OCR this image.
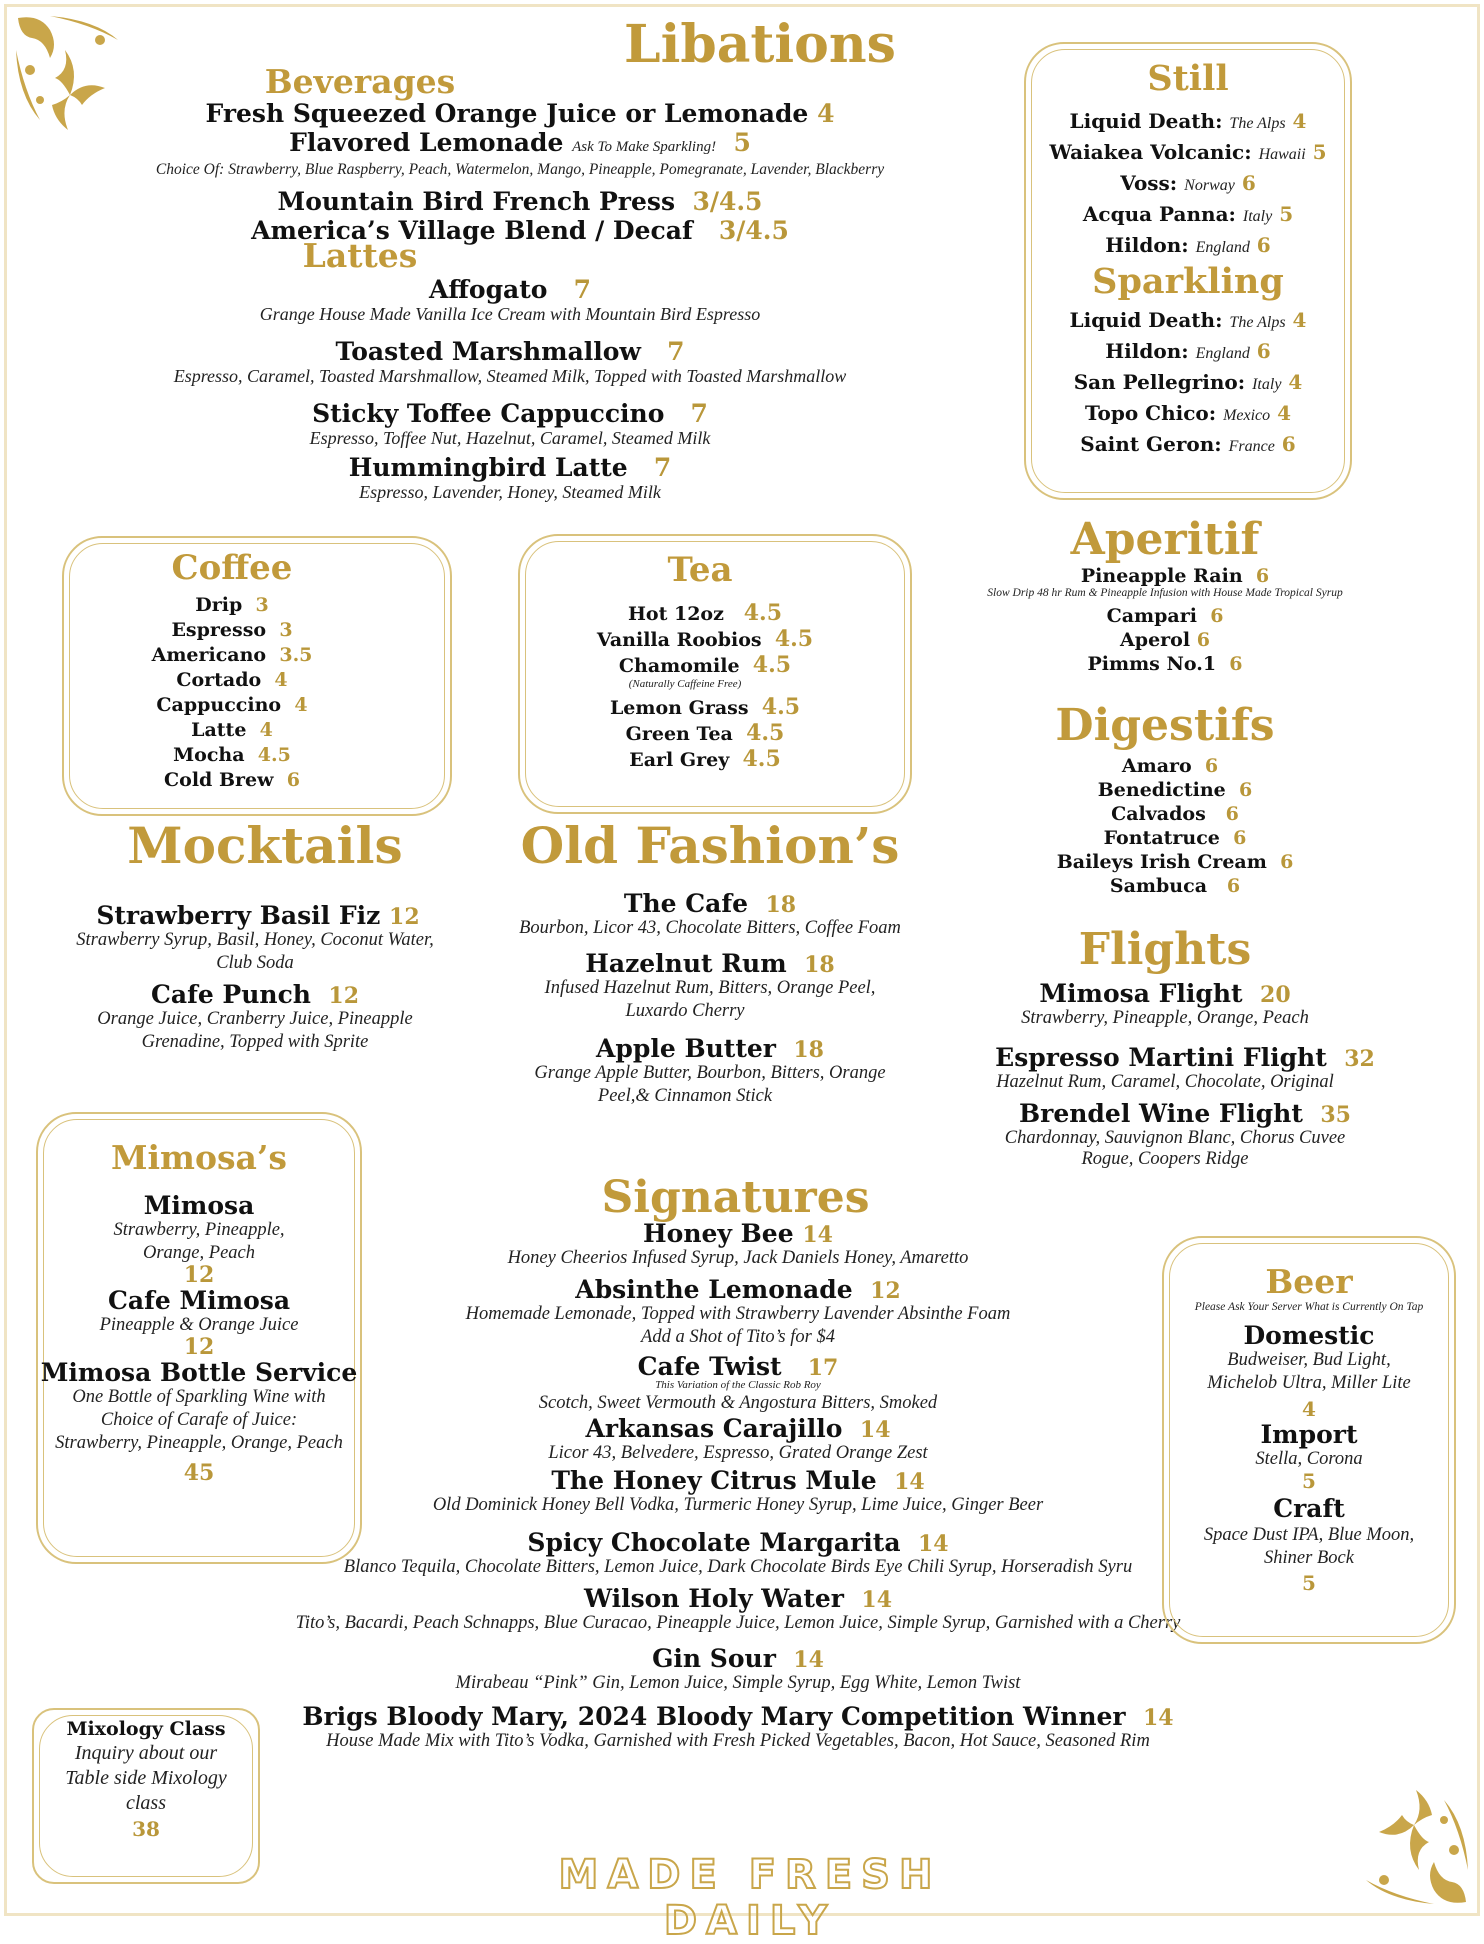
Libations
Beverages
Fresh Squeezed Orange Juice or Lemonade 4
Flavored Lemonade Ask To Make Sparkling! 5
Choice Of: Strawberry, Blue Raspberry, Peach, Watermelon, Mango, Pineapple, Pomegranate, Lavender, Blackberry
Mountain Bird French Press 3/4.5
America’s Village Blend / Decaf 3/4.5
Lattes
Affogato 7
Grange House Made Vanilla Ice Cream with Mountain Bird Espresso
Toasted Marshmallow 7
Espresso, Caramel, Toasted Marshmallow, Steamed Milk, Topped with Toasted Marshmallow
Sticky Toffee Cappuccino 7
Espresso, Toffee Nut, Hazelnut, Caramel, Steamed Milk
Hummingbird Latte 7
Espresso, Lavender, Honey, Steamed Milk
Still
Liquid Death: The Alps 4
Waiakea Volcanic: Hawaii 5
Voss: Norway 6
Acqua Panna: Italy 5
Hildon: England 6
Sparkling
Liquid Death: The Alps 4
Hildon: England 6
San Pellegrino: Italy 4
Topo Chico: Mexico 4
Saint Geron: France 6
Coffee
Drip 3
Espresso 3
Americano 3.5
Cortado 4
Cappuccino 4
Latte 4
Mocha 4.5
Cold Brew 6
Tea
Hot 12oz 4.5
Vanilla Roobios 4.5
Chamomile 4.5
(Naturally Caffeine Free)
Lemon Grass 4.5
Green Tea 4.5
Earl Grey 4.5
Aperitif
Pineapple Rain 6
Slow Drip 48 hr Rum & Pineapple Infusion with House Made Tropical Syrup
Campari 6
Aperol 6
Pimms No.1 6
Digestifs
Amaro 6
Benedictine 6
Calvados 6
Fontatruce 6
Baileys Irish Cream 6
Sambuca 6
Flights
Mimosa Flight 20
Strawberry, Pineapple, Orange, Peach
Espresso Martini Flight 32
Hazelnut Rum, Caramel, Chocolate, Original
Brendel Wine Flight 35
Chardonnay, Sauvignon Blanc, Chorus Cuvee
Rogue, Coopers Ridge
Mocktails
Strawberry Basil Fiz 12
Strawberry Syrup, Basil, Honey, Coconut Water,
Club Soda
Cafe Punch 12
Orange Juice, Cranberry Juice, Pineapple
Grenadine, Topped with Sprite
Old Fashion’s
The Cafe 18
Bourbon, Licor 43, Chocolate Bitters, Coffee Foam
Hazelnut Rum 18
Infused Hazelnut Rum, Bitters, Orange Peel,
Luxardo Cherry
Apple Butter 18
Grange Apple Butter, Bourbon, Bitters, Orange
Peel,& Cinnamon Stick
Mimosa’s
Mimosa
Strawberry, Pineapple,
Orange, Peach
12
Cafe Mimosa
Pineapple & Orange Juice
12
Mimosa Bottle Service
One Bottle of Sparkling Wine with
Choice of Carafe of Juice:
Strawberry, Pineapple, Orange, Peach
45
Signatures
Honey Bee 14
Honey Cheerios Infused Syrup, Jack Daniels Honey, Amaretto
Absinthe Lemonade 12
Homemade Lemonade, Topped with Strawberry Lavender Absinthe Foam
Add a Shot of Tito’s for $4
Cafe Twist 17
This Variation of the Classic Rob Roy
Scotch, Sweet Vermouth & Angostura Bitters, Smoked
Arkansas Carajillo 14
Licor 43, Belvedere, Espresso, Grated Orange Zest
The Honey Citrus Mule 14
Old Dominick Honey Bell Vodka, Turmeric Honey Syrup, Lime Juice, Ginger Beer
Spicy Chocolate Margarita 14
Blanco Tequila, Chocolate Bitters, Lemon Juice, Dark Chocolate Birds Eye Chili Syrup, Horseradish Syru
Wilson Holy Water 14
Tito’s, Bacardi, Peach Schnapps, Blue Curacao, Pineapple Juice, Lemon Juice, Simple Syrup, Garnished with a Cherry
Gin Sour 14
Mirabeau “Pink” Gin, Lemon Juice, Simple Syrup, Egg White, Lemon Twist
Brigs Bloody Mary, 2024 Bloody Mary Competition Winner 14
House Made Mix with Tito’s Vodka, Garnished with Fresh Picked Vegetables, Bacon, Hot Sauce, Seasoned Rim
Beer
Please Ask Your Server What is Currently On Tap
Domestic
Budweiser, Bud Light,
Michelob Ultra, Miller Lite
4
Import
Stella, Corona
5
Craft
Space Dust IPA, Blue Moon,
Shiner Bock
5
Mixology Class
Inquiry about our
Table side Mixology
class
38
MADE FRESH DAILY
